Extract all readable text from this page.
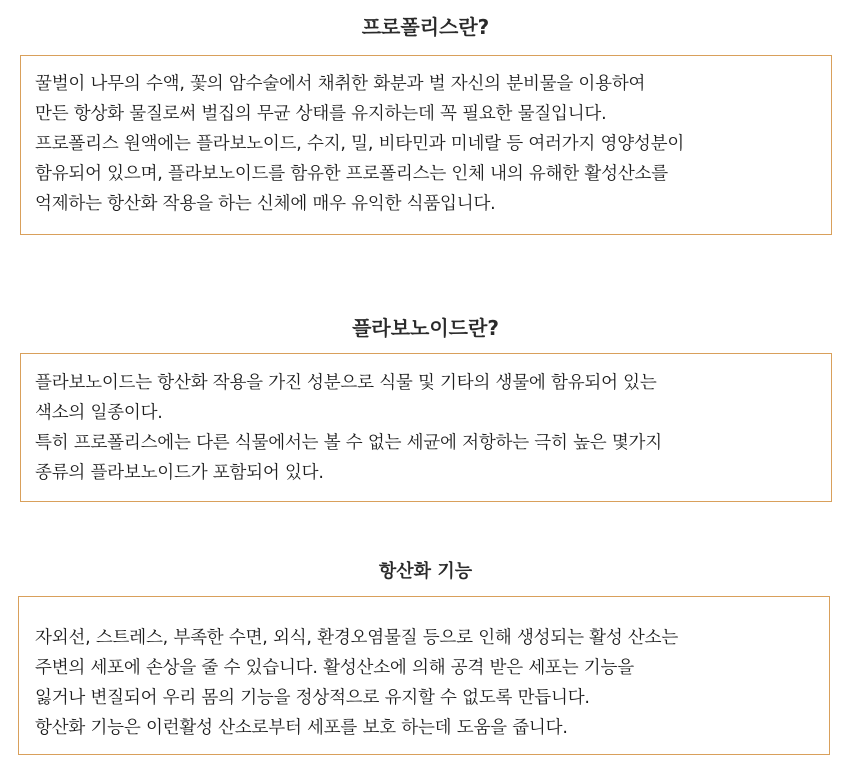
프로폴리스란?

꿀벌이 나무의 수액, 꽃의 암수술에서 채취한 화분과 벌 자신의 분비물을 이용하여

만든 항상화 물질로써 벌집의 무균 상태를 유지하는데 꼭 필요한 물질입니다.

프로폴리스 원액에는 플라보노이드, 수지, 밀, 비타민과 미네랄 등 여러가지 영양성분이

함유되어 있으며, 플라보노이드를 함유한 프로폴리스는 인체 내의 유해한 활성산소를

억제하는 항산화 작용을 하는 신체에 매우 유익한 식품입니다.

플라보노이드란?

플라보노이드는 항산화 작용을 가진 성분으로 식물 및 기타의 생물에 함유되어 있는

색소의 일종이다.

특히 프로폴리스에는 다른 식물에서는 볼 수 없는 세균에 저항하는 극히 높은 몇가지

종류의 플라보노이드가 포함되어 있다.

항산화 기능

자외선, 스트레스, 부족한 수면, 외식, 환경오염물질 등으로 인해 생성되는 활성 산소는

주변의 세포에 손상을 줄 수 있습니다. 활성산소에 의해 공격 받은 세포는 기능을

잃거나 변질되어 우리 몸의 기능을 정상적으로 유지할 수 없도록 만듭니다.

항산화 기능은 이런활성 산소로부터 세포를 보호 하는데 도움을 줍니다.
